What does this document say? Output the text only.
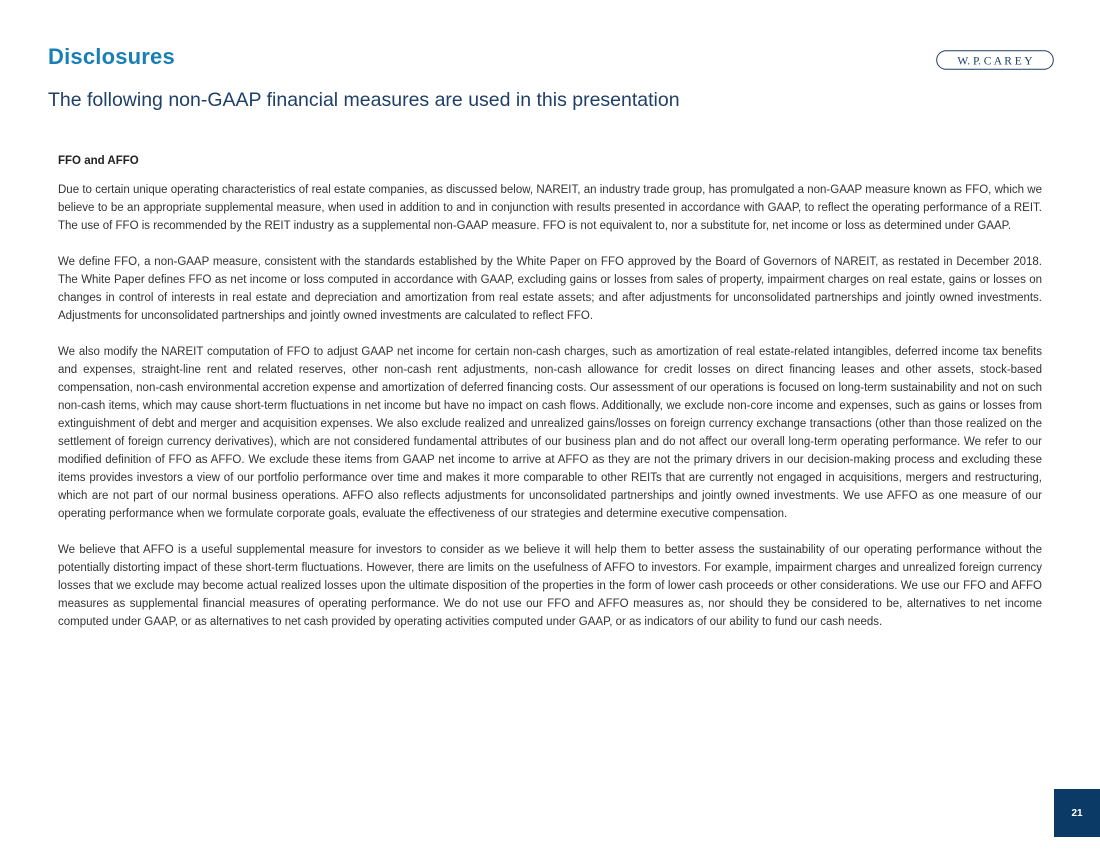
Disclosures	W. P. C A R E Y
The following non-GAAP financial measures are used in this presentation
FFO and AFFO

Due to certain unique operating characteristics of real estate companies, as discussed below, NAREIT, an industry trade group, has promulgated a non-GAAP measure known as FFO, which we believe to be an appropriate supplemental measure, when used in addition to and in conjunction with results presented in accordance with GAAP, to reflect the operating performance of a REIT. The use of FFO is recommended by the REIT industry as a supplemental non-GAAP measure. FFO is not equivalent to, nor a substitute for, net income or loss as determined under GAAP.

We define FFO, a non-GAAP measure, consistent with the standards established by the White Paper on FFO approved by the Board of Governors of NAREIT, as restated in December 2018. The White Paper defines FFO as net income or loss computed in accordance with GAAP, excluding gains or losses from sales of property, impairment charges on real estate, gains or losses on changes in control of interests in real estate and depreciation and amortization from real estate assets; and after adjustments for unconsolidated partnerships and jointly owned investments. Adjustments for unconsolidated partnerships and jointly owned investments are calculated to reflect FFO.

We also modify the NAREIT computation of FFO to adjust GAAP net income for certain non-cash charges, such as amortization of real estate-related intangibles, deferred income tax benefits and expenses, straight-line rent and related reserves, other non-cash rent adjustments, non-cash allowance for credit losses on direct financing leases and other assets, stock-based compensation, non-cash environmental accretion expense and amortization of deferred financing costs. Our assessment of our operations is focused on long-term sustainability and not on such non-cash items, which may cause short-term fluctuations in net income but have no impact on cash flows. Additionally, we exclude non-core income and expenses, such as gains or losses from extinguishment of debt and merger and acquisition expenses. We also exclude realized and unrealized gains/losses on foreign currency exchange transactions (other than those realized on the settlement of foreign currency derivatives), which are not considered fundamental attributes of our business plan and do not affect our overall long-term operating performance. We refer to our modified definition of FFO as AFFO. We exclude these items from GAAP net income to arrive at AFFO as they are not the primary drivers in our decision-making process and excluding these items provides investors a view of our portfolio performance over time and makes it more comparable to other REITs that are currently not engaged in acquisitions, mergers and restructuring, which are not part of our normal business operations. AFFO also reflects adjustments for unconsolidated partnerships and jointly owned investments. We use AFFO as one measure of our operating performance when we formulate corporate goals, evaluate the effectiveness of our strategies and determine executive compensation.

We believe that AFFO is a useful supplemental measure for investors to consider as we believe it will help them to better assess the sustainability of our operating performance without the potentially distorting impact of these short-term fluctuations. However, there are limits on the usefulness of AFFO to investors. For example, impairment charges and unrealized foreign currency losses that we exclude may become actual realized losses upon the ultimate disposition of the properties in the form of lower cash proceeds or other considerations. We use our FFO and AFFO measures as supplemental financial measures of operating performance. We do not use our FFO and AFFO measures as, nor should they be considered to be, alternatives to net income computed under GAAP, or as alternatives to net cash provided by operating activities computed under GAAP, or as indicators of our ability to fund our cash needs.

21
